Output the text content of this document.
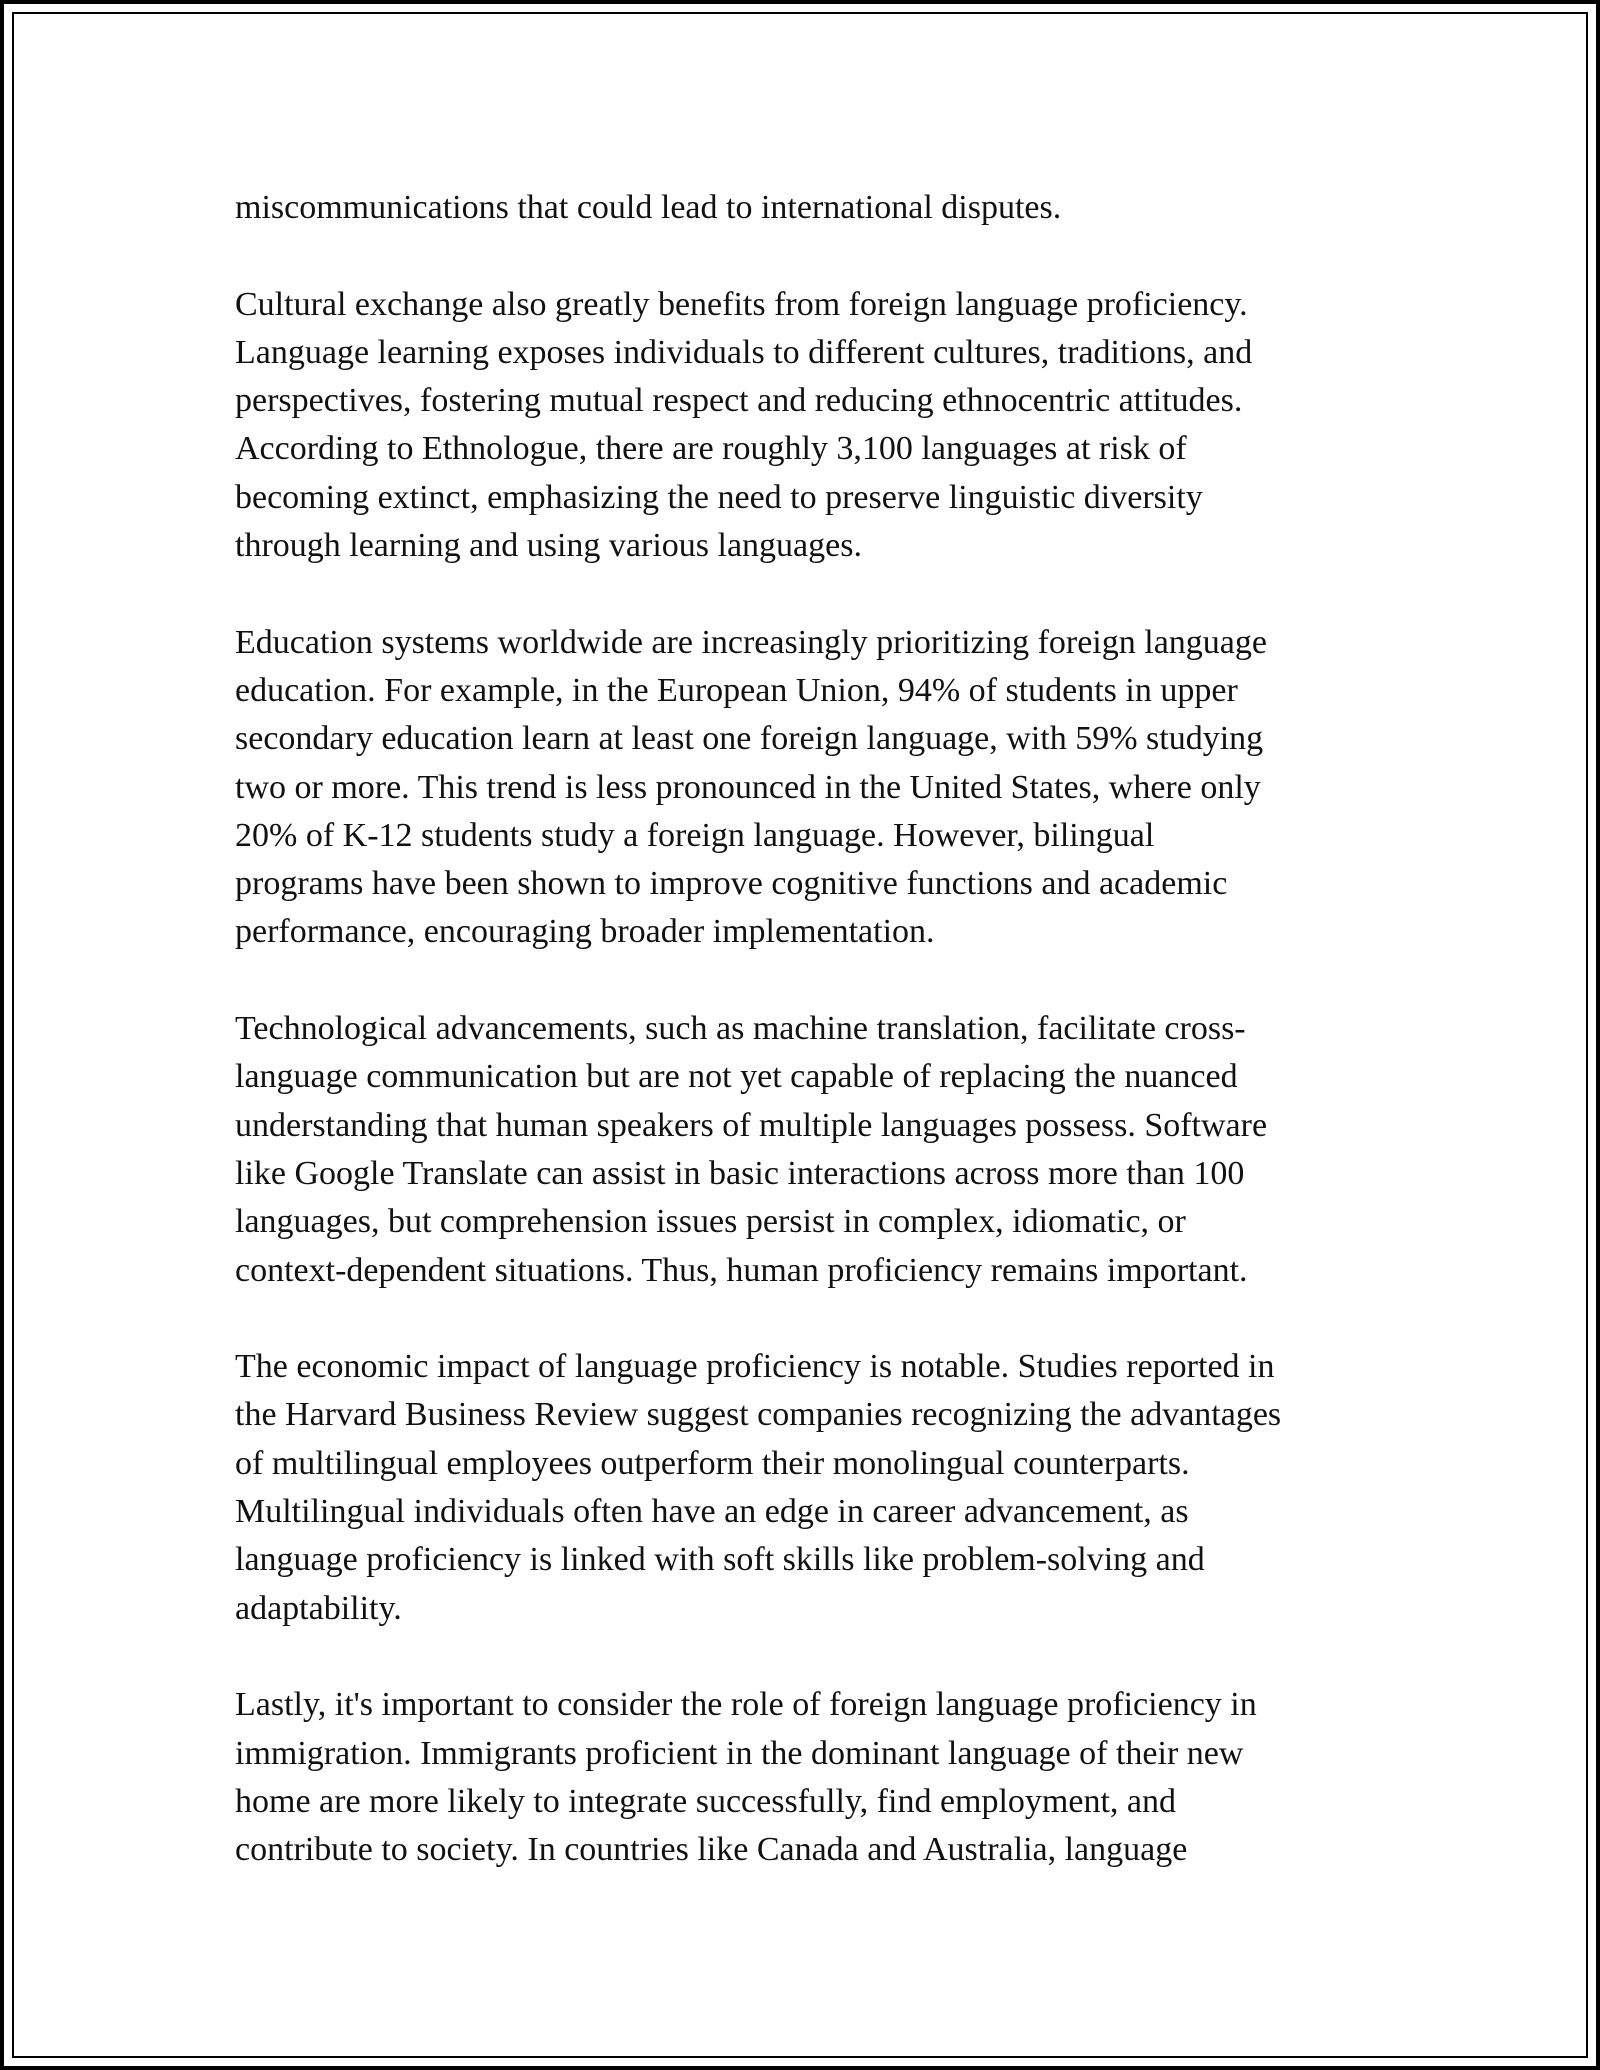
miscommunications that could lead to international disputes.

Cultural exchange also greatly benefits from foreign language proficiency.
Language learning exposes individuals to different cultures, traditions, and
perspectives, fostering mutual respect and reducing ethnocentric attitudes.
According to Ethnologue, there are roughly 3,100 languages at risk of
becoming extinct, emphasizing the need to preserve linguistic diversity
through learning and using various languages.

Education systems worldwide are increasingly prioritizing foreign language
education. For example, in the European Union, 94% of students in upper
secondary education learn at least one foreign language, with 59% studying
two or more. This trend is less pronounced in the United States, where only
20% of K-12 students study a foreign language. However, bilingual
programs have been shown to improve cognitive functions and academic
performance, encouraging broader implementation.

Technological advancements, such as machine translation, facilitate cross-
language communication but are not yet capable of replacing the nuanced
understanding that human speakers of multiple languages possess. Software
like Google Translate can assist in basic interactions across more than 100
languages, but comprehension issues persist in complex, idiomatic, or
context-dependent situations. Thus, human proficiency remains important.

The economic impact of language proficiency is notable. Studies reported in
the Harvard Business Review suggest companies recognizing the advantages
of multilingual employees outperform their monolingual counterparts.
Multilingual individuals often have an edge in career advancement, as
language proficiency is linked with soft skills like problem-solving and
adaptability.

Lastly, it's important to consider the role of foreign language proficiency in
immigration. Immigrants proficient in the dominant language of their new
home are more likely to integrate successfully, find employment, and
contribute to society. In countries like Canada and Australia, language
